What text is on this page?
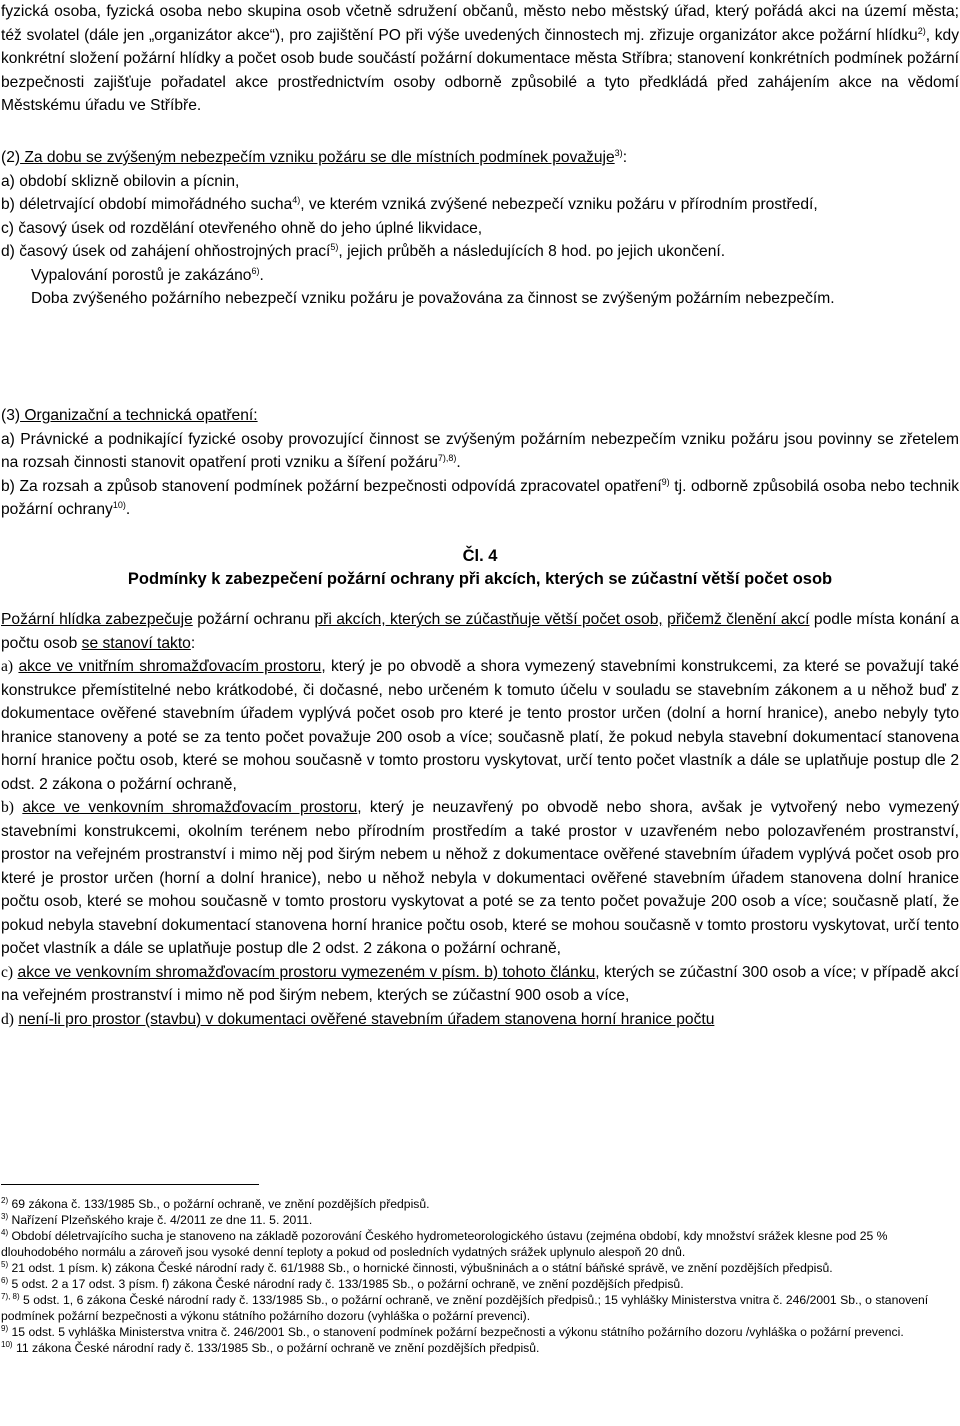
fyzická osoba, fyzická osoba nebo skupina osob včetně sdružení občanů, město nebo městský úřad, který pořádá akci na území města; též svolatel (dále jen „organizátor akce“), pro zajištění PO při výše uvedených činnostech mj. zřizuje organizátor akce požární hlídku$^{2)}$, kdy konkrétní složení požární hlídky a počet osob bude součástí požární dokumentace města Stříbra; stanovení konkrétních podmínek požární bezpečnosti zajišťuje pořadatel akce prostřednictvím osoby odborně způsobilé a tyto předkládá před zahájením akce na vědomí Městskému úřadu ve Stříbře.
(2) Za dobu se zvýšeným nebezpečím vzniku požáru se dle místních podmínek považuje$^{3)}$:
a) období sklizně obilovin a pícnin,
b) déletrvající období mimořádného sucha$^{4)}$, ve kterém vzniká zvýšené nebezpečí vzniku požáru v přírodním prostředí,
c) časový úsek od rozdělání otevřeného ohně do jeho úplné likvidace,
d) časový úsek od zahájení ohňostrojných prací$^{5)}$, jejich průběh a následujících 8 hod. po jejich ukončení.
Vypalování porostů je zakázáno$^{6)}$.
Doba zvýšeného požárního nebezpečí vzniku požáru je považována za činnost se zvýšeným požárním nebezpečím.
(3) Organizační a technická opatření:
a) Právnické a podnikající fyzické osoby provozující činnost se zvýšeným požárním nebezpečím vzniku požáru jsou povinny se zřetelem na rozsah činnosti stanovit opatření proti vzniku a šíření požáru$^{7),8)}$.
b) Za rozsah a způsob stanovení podmínek požární bezpečnosti odpovídá zpracovatel opatření$^{9)}$ tj. odborně způsobilá osoba nebo technik požární ochrany$^{10)}$.
Čl. 4
Podmínky k zabezpečení požární ochrany při akcích, kterých se zúčastní větší počet osob
Požární hlídka zabezpečuje požární ochranu při akcích, kterých se zúčastňuje větší počet osob, přičemž členění akcí podle místa konání a počtu osob se stanoví takto:
a) akce ve vnitřním shromažďovacím prostoru, který je po obvodě a shora vymezený stavebními konstrukcemi, za které se považují také konstrukce přemístitelné nebo krátkodobé, či dočasné, nebo určeném k tomuto účelu v souladu se stavebním zákonem a u něhož buď z dokumentace ověřené stavebním úřadem vyplývá počet osob pro které je tento prostor určen (dolní a horní hranice), anebo nebyly tyto hranice stanoveny a poté se za tento počet považuje 200 osob a více; současně platí, že pokud nebyla stavební dokumentací stanovena horní hranice počtu osob, které se mohou současně v tomto prostoru vyskytovat, určí tento počet vlastník a dále se uplatňuje postup dle 2 odst. 2 zákona o požární ochraně,
b) akce ve venkovním shromažďovacím prostoru, který je neuzavřený po obvodě nebo shora, avšak je vytvořený nebo vymezený stavebními konstrukcemi, okolním terénem nebo přírodním prostředím a také prostor v uzavřeném nebo polozavřeném prostranství, prostor na veřejném prostranství i mimo něj pod širým nebem u něhož z dokumentace ověřené stavebním úřadem vyplývá počet osob pro které je prostor určen (horní a dolní hranice), nebo u něhož nebyla v dokumentaci ověřené stavebním úřadem stanovena dolní hranice počtu osob, které se mohou současně v tomto prostoru vyskytovat a poté se za tento počet považuje 200 osob a více; současně platí, že pokud nebyla stavební dokumentací stanovena horní hranice počtu osob, které se mohou současně v tomto prostoru vyskytovat, určí tento počet vlastník a dále se uplatňuje postup dle 2 odst. 2 zákona o požární ochraně,
c) akce ve venkovním shromažďovacím prostoru vymezeném v písm. b) tohoto článku, kterých se zúčastní 300 osob a více; v případě akcí na veřejném prostranství i mimo ně pod širým nebem, kterých se zúčastní 900 osob a více,
d) není-li pro prostor (stavbu) v dokumentaci ověřené stavebním úřadem stanovena horní hranice počtu
$^{2)}$ 69 zákona č. 133/1985 Sb., o požární ochraně, ve znění pozdějších předpisů.
$^{3)}$ Nařízení Plzeňského kraje č. 4/2011 ze dne 11. 5. 2011.
$^{4)}$ Období déletrvajícího sucha je stanoveno na základě pozorování Českého hydrometeorologického ústavu (zejména období, kdy množství srážek klesne pod 25 % dlouhodobého normálu a zároveň jsou vysoké denní teploty a pokud od posledních vydatných srážek uplynulo alespoň 20 dnů.
$^{5)}$ 21 odst. 1 písm. k) zákona České národní rady č. 61/1988 Sb., o hornické činnosti, výbušninách a o státní báňské správě, ve znění pozdějších předpisů.
$^{6)}$ 5 odst. 2 a 17 odst. 3 písm. f) zákona České národní rady č. 133/1985 Sb., o požární ochraně, ve znění pozdějších předpisů.
$^{7), 8)}$ 5 odst. 1, 6 zákona České národní rady č. 133/1985 Sb., o požární ochraně, ve znění pozdějších předpisů.; 15 vyhlášky Ministerstva vnitra č. 246/2001 Sb., o stanovení podmínek požární bezpečnosti a výkonu státního požárního dozoru (vyhláška o požární prevenci).
$^{9)}$ 15 odst. 5 vyhláška Ministerstva vnitra č. 246/2001 Sb., o stanovení podmínek požární bezpečnosti a výkonu státního požárního dozoru /vyhláška o požární prevenci.
$^{10)}$ 11 zákona České národní rady č. 133/1985 Sb., o požární ochraně ve znění pozdějších předpisů.
